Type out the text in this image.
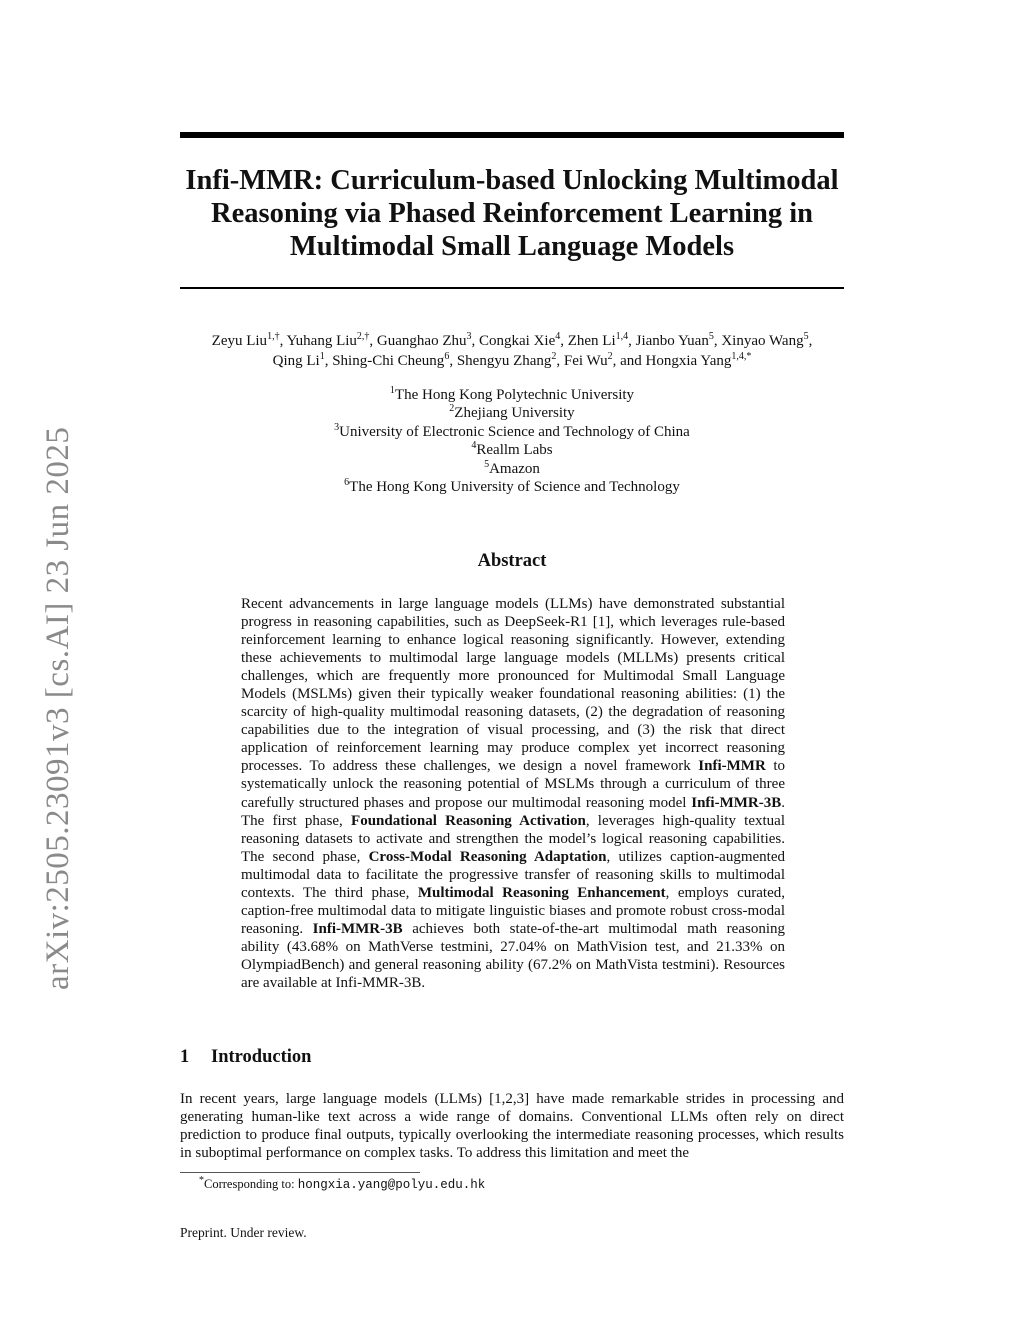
arXiv:2505.23091v3 [cs.AI] 23 Jun 2025
Infi-MMR: Curriculum-based Unlocking Multimodal Reasoning via Phased Reinforcement Learning in Multimodal Small Language Models
Zeyu Liu$^{1,\dagger}$, Yuhang Liu$^{2,\dagger}$, Guanghao Zhu$^3$, Congkai Xie$^4$, Zhen Li$^{1,4}$, Jianbo Yuan$^5$, Xinyao Wang$^5$,
Qing Li$^1$, Shing-Chi Cheung$^6$, Shengyu Zhang$^2$, Fei Wu$^2$, and Hongxia Yang$^{1,4,*}$
$^1$The Hong Kong Polytechnic University
$^2$Zhejiang University
$^3$University of Electronic Science and Technology of China
$^4$Reallm Labs
$^5$Amazon
$^6$The Hong Kong University of Science and Technology
Abstract
Recent advancements in large language models (LLMs) have demonstrated substantial progress in reasoning capabilities, such as DeepSeek-R1 [1], which leverages rule-based reinforcement learning to enhance logical reasoning significantly. However, extending these achievements to multimodal large language models (MLLMs) presents critical challenges, which are frequently more pronounced for Multimodal Small Language Models (MSLMs) given their typically weaker foundational reasoning abilities: (1) the scarcity of high-quality multimodal reasoning datasets, (2) the degradation of reasoning capabilities due to the integration of visual processing, and (3) the risk that direct application of reinforcement learning may produce complex yet incorrect reasoning processes. To address these challenges, we design a novel framework Infi-MMR to systematically unlock the reasoning potential of MSLMs through a curriculum of three carefully structured phases and propose our multimodal reasoning model Infi-MMR-3B. The first phase, Foundational Reasoning Activation, leverages high-quality textual reasoning datasets to activate and strengthen the model’s logical reasoning capabilities. The second phase, Cross-Modal Reasoning Adaptation, utilizes caption-augmented multimodal data to facilitate the progressive transfer of reasoning skills to multimodal contexts. The third phase, Multimodal Reasoning Enhancement, employs curated, caption-free multimodal data to mitigate linguistic biases and promote robust cross-modal reasoning. Infi-MMR-3B achieves both state-of-the-art multimodal math reasoning ability (43.68% on MathVerse testmini, 27.04% on MathVision test, and 21.33% on OlympiadBench) and general reasoning ability (67.2% on MathVista testmini). Resources are available at Infi-MMR-3B.
1 Introduction
In recent years, large language models (LLMs) [1,2,3] have made remarkable strides in processing and generating human-like text across a wide range of domains. Conventional LLMs often rely on direct prediction to produce final outputs, typically overlooking the intermediate reasoning processes, which results in suboptimal performance on complex tasks. To address this limitation and meet the
*Corresponding to: hongxia.yang@polyu.edu.hk
Preprint. Under review.
